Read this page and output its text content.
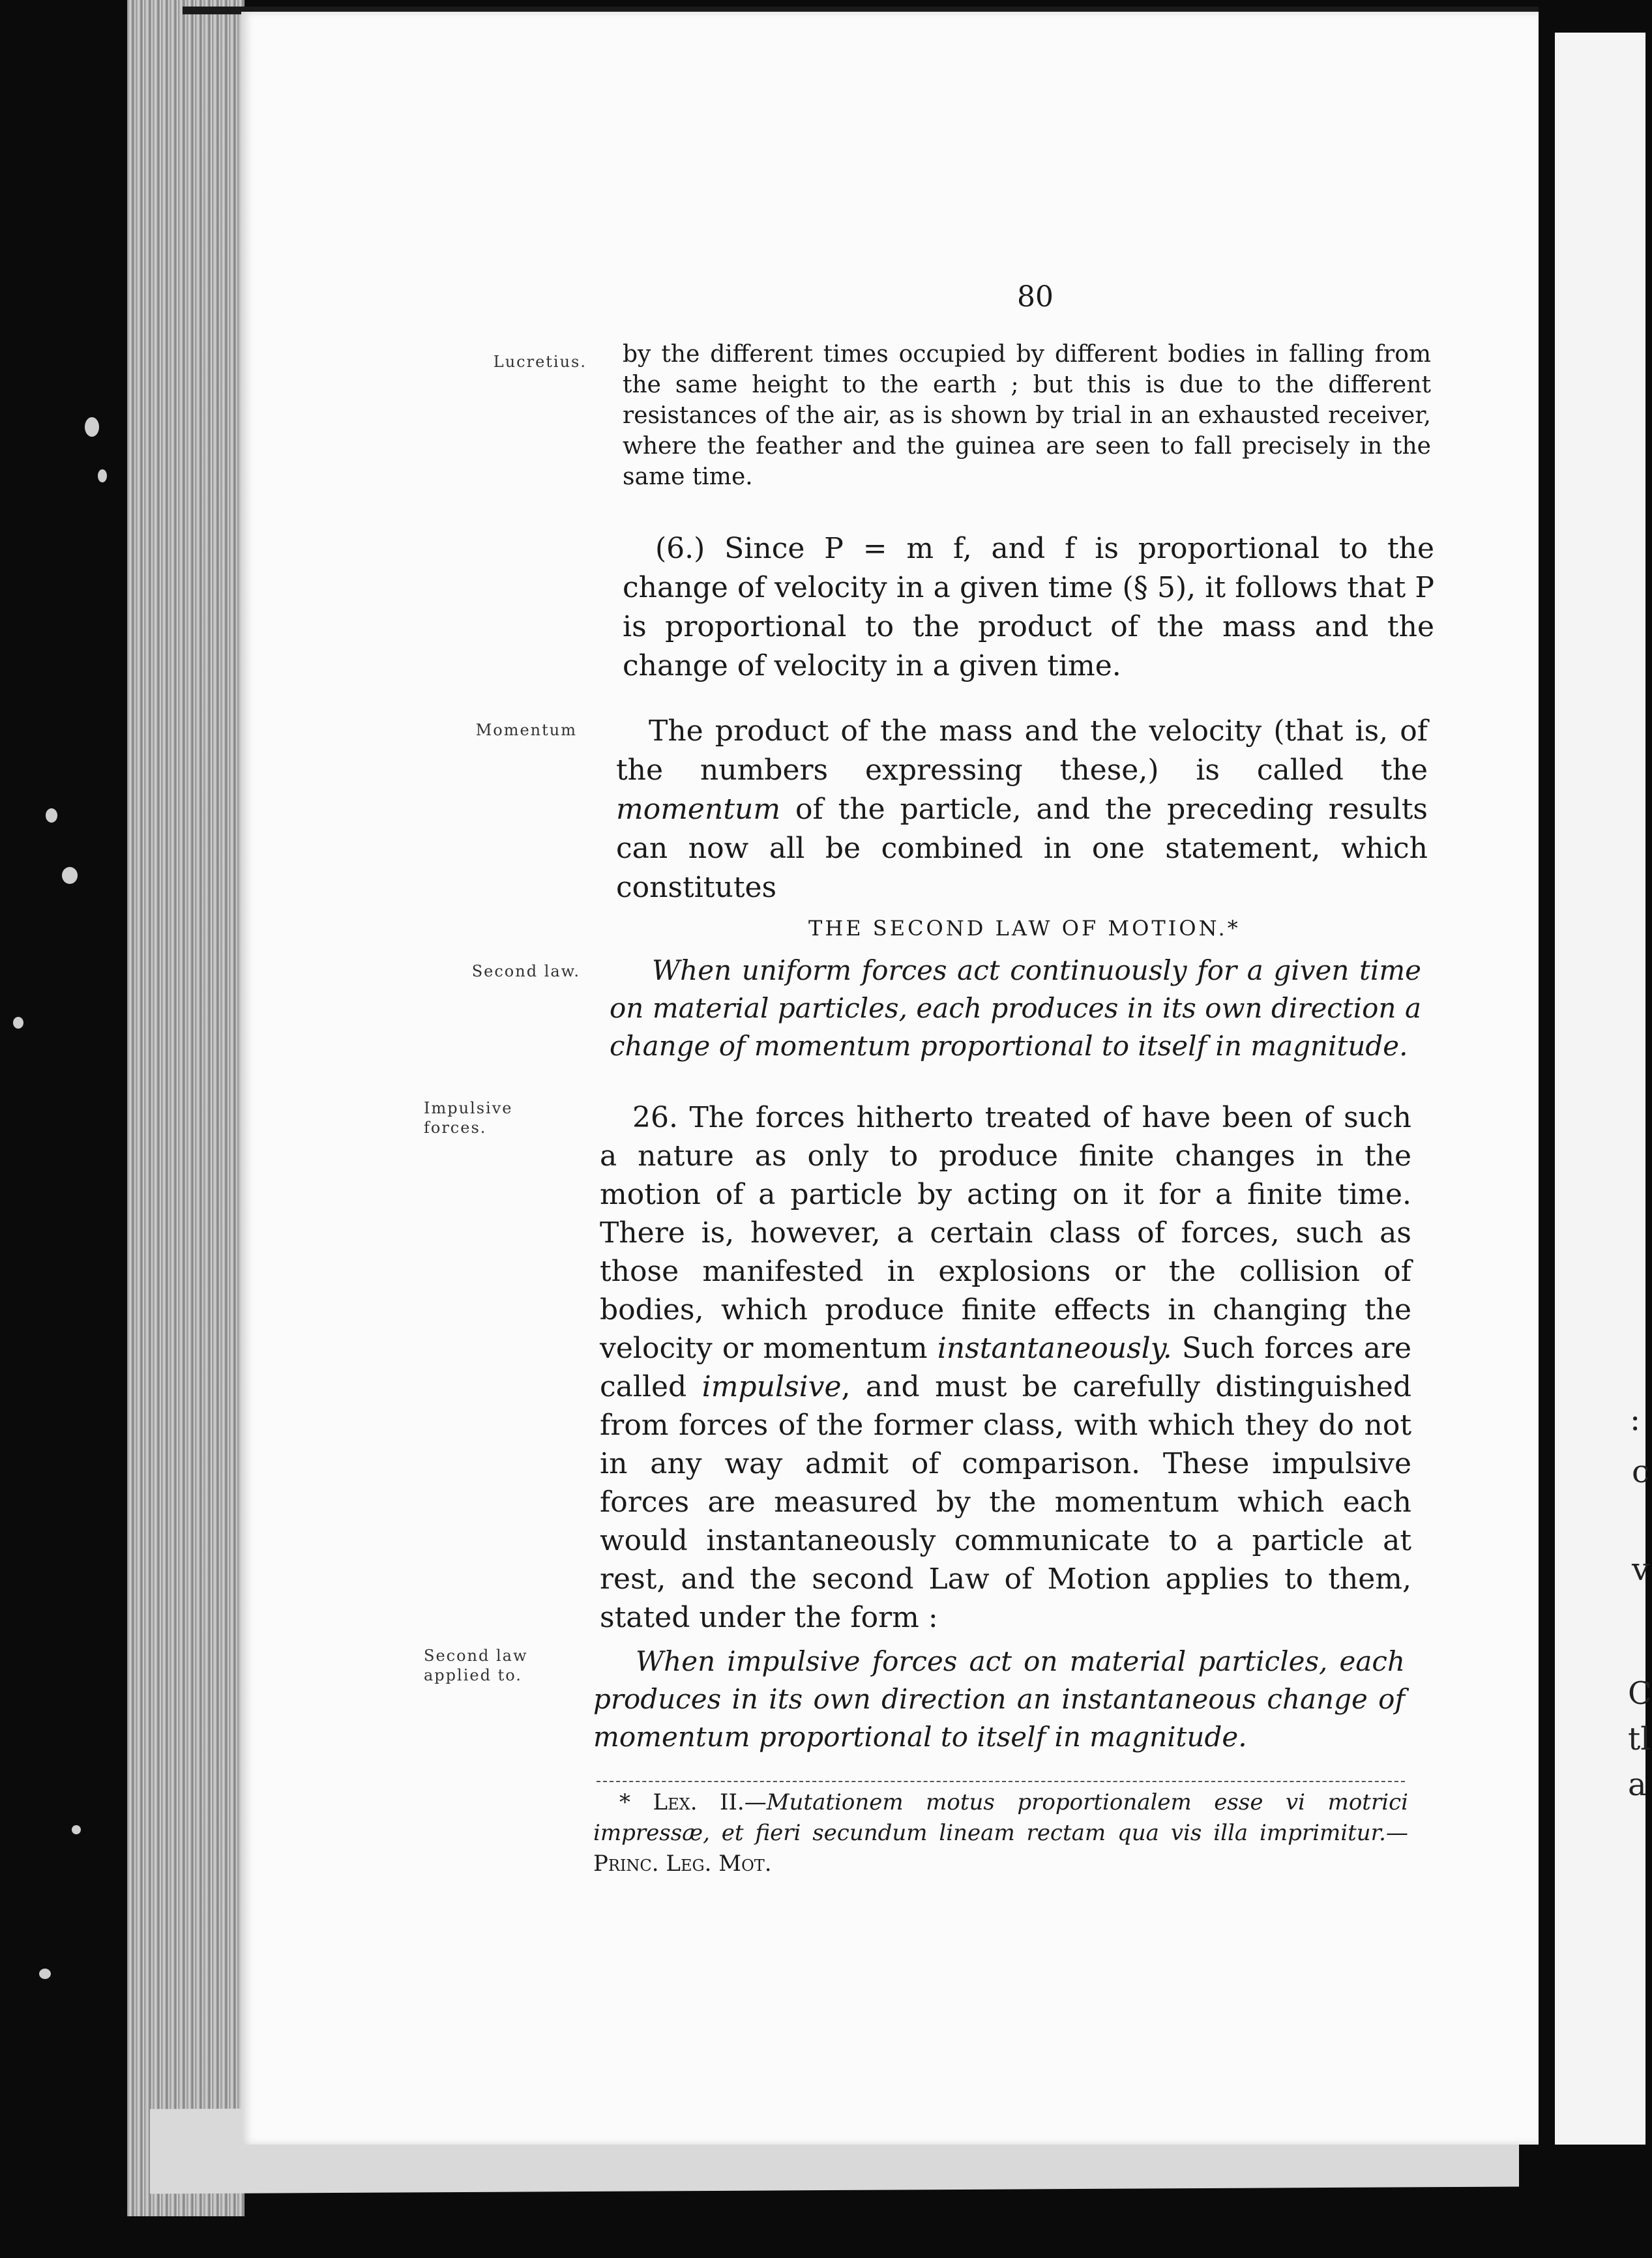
:
c
v
C
tl
a
80
Lucretius.
Momentum
Second law.
Impulsive forces.
Second law applied to.
by the different times occupied by different bodies in falling from the same height to the earth ; but this is due to the different resistances of the air, as is shown by trial in an exhausted receiver, where the feather and the guinea are seen to fall precisely in the same time.
(6.) Since P = m f, and f is proportional to the change of velocity in a given time (§ 5), it follows that P is proportional to the product of the mass and the change of velocity in a given time.
The product of the mass and the velocity (that is, of the numbers expressing these,) is called the momentum of the particle, and the preceding results can now all be combined in one statement, which constitutes
THE SECOND LAW OF MOTION.*
When uniform forces act continuously for a given time on material particles, each produces in its own direction a change of momentum proportional to itself in magnitude.
26. The forces hitherto treated of have been of such a nature as only to produce finite changes in the motion of a particle by acting on it for a finite time. There is, however, a certain class of forces, such as those manifested in explosions or the collision of bodies, which produce finite effects in changing the velocity or momentum instantaneously. Such forces are called impulsive, and must be carefully distinguished from forces of the former class, with which they do not in any way admit of comparison. These impulsive forces are measured by the momentum which each would instantaneously communicate to a particle at rest, and the second Law of Motion applies to them, stated under the form :
When impulsive forces act on material particles, each produces in its own direction an instantaneous change of momentum proportional to itself in magnitude.
* Lex. II.—Mutationem motus proportionalem esse vi motrici impressæ, et fieri secundum lineam rectam qua vis illa imprimitur.— Princ. Leg. Mot.
